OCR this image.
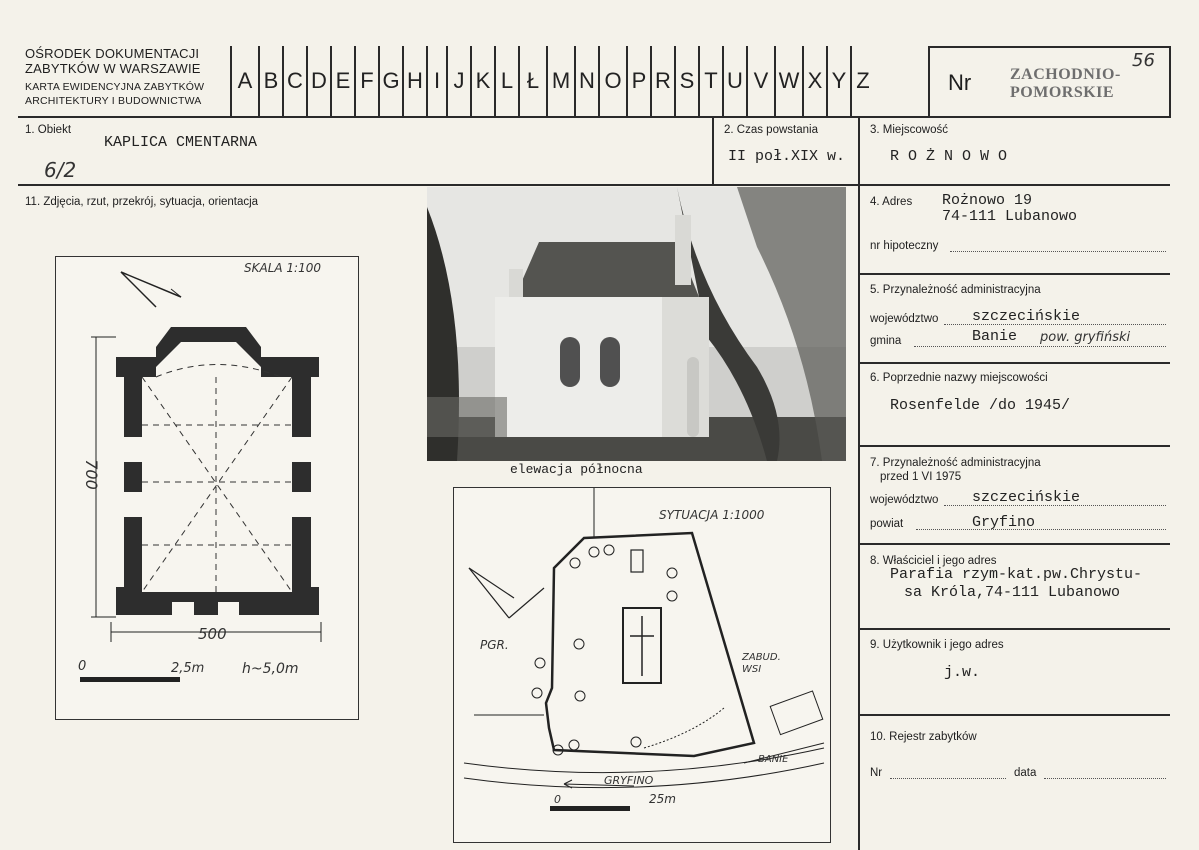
OŚRODEK DOKUMENTACJI
ZABYTKÓW W WARSZAWIE
KARTA EWIDENCYJNA ZABYTKÓW
ARCHITEKTURY I BUDOWNICTWA
A B C D E F G H I J K L Ł M N O P R S T U V W X Y Z	Nr ZACHODNIO-
POMORSKIE
56
1. Obiekt
KAPLICA CMENTARNA
6/2
2. Czas powstania
II poł.XIX w.
3. Miejscowość
R O Ż N O W O
11. Zdjęcia, rzut, przekrój, sytuacja, orientacja	4. Adres Rożnowo 19
74-111 Lubanowo
nr hipoteczny
5. Przynależność administracyjna
województwo szczecińskie
gmina	Banie pow. gryfiński
6. Poprzednie nazwy miejscowości
Rosenfelde /do 1945/
7. Przynależność administracyjna
przed 1 VI 1975
województwo szczecińskie
powiat	Gryfino
8. Właściciel i jego adres
Parafia rzym-kat.pw.Chrystu-
sa Króla,74-111 Lubanowo
9. Użytkownik i jego adres
j.w.
10. Rejestr zabytków
Nr	data
elewacja północna
SKALA 1:100
700
500
0	2,5m	h~5,0m
SYTUACJA 1:1000
PGR.
ZABUD.
WSI
GRYFINO
BANIE
0	25m
